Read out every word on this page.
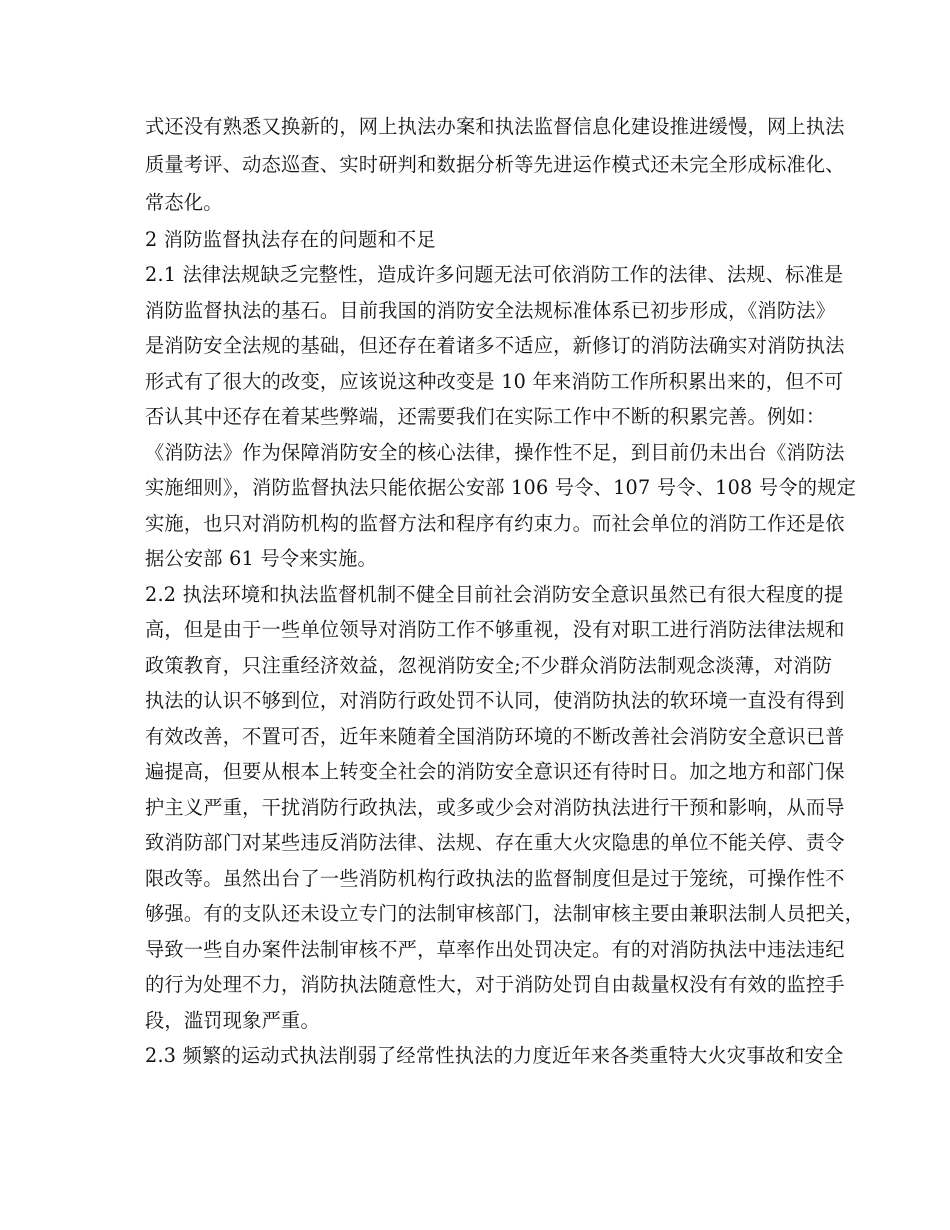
式还没有熟悉又换新的，网上执法办案和执法监督信息化建设推进缓慢，网上执法
质量考评、动态巡查、实时研判和数据分析等先进运作模式还未完全形成标准化、
常态化。
2 消防监督执法存在的问题和不足
2.1 法律法规缺乏完整性，造成许多问题无法可依消防工作的法律、法规、标准是
消防监督执法的基石。目前我国的消防安全法规标准体系已初步形成，《消防法》
是消防安全法规的基础，但还存在着诸多不适应，新修订的消防法确实对消防执法
形式有了很大的改变，应该说这种改变是 10 年来消防工作所积累出来的，但不可
否认其中还存在着某些弊端，还需要我们在实际工作中不断的积累完善。例如：
《消防法》作为保障消防安全的核心法律，操作性不足，到目前仍未出台《消防法
实施细则》，消防监督执法只能依据公安部 106 号令、107 号令、108 号令的规定
实施，也只对消防机构的监督方法和程序有约束力。而社会单位的消防工作还是依
据公安部 61 号令来实施。
2.2 执法环境和执法监督机制不健全目前社会消防安全意识虽然已有很大程度的提
高，但是由于一些单位领导对消防工作不够重视，没有对职工进行消防法律法规和
政策教育，只注重经济效益，忽视消防安全;不少群众消防法制观念淡薄，对消防
执法的认识不够到位，对消防行政处罚不认同，使消防执法的软环境一直没有得到
有效改善，不置可否，近年来随着全国消防环境的不断改善社会消防安全意识已普
遍提高，但要从根本上转变全社会的消防安全意识还有待时日。加之地方和部门保
护主义严重，干扰消防行政执法，或多或少会对消防执法进行干预和影响，从而导
致消防部门对某些违反消防法律、法规、存在重大火灾隐患的单位不能关停、责令
限改等。虽然出台了一些消防机构行政执法的监督制度但是过于笼统，可操作性不
够强。有的支队还未设立专门的法制审核部门，法制审核主要由兼职法制人员把关，
导致一些自办案件法制审核不严，草率作出处罚决定。有的对消防执法中违法违纪
的行为处理不力，消防执法随意性大，对于消防处罚自由裁量权没有有效的监控手
段，滥罚现象严重。
2.3 频繁的运动式执法削弱了经常性执法的力度近年来各类重特大火灾事故和安全
